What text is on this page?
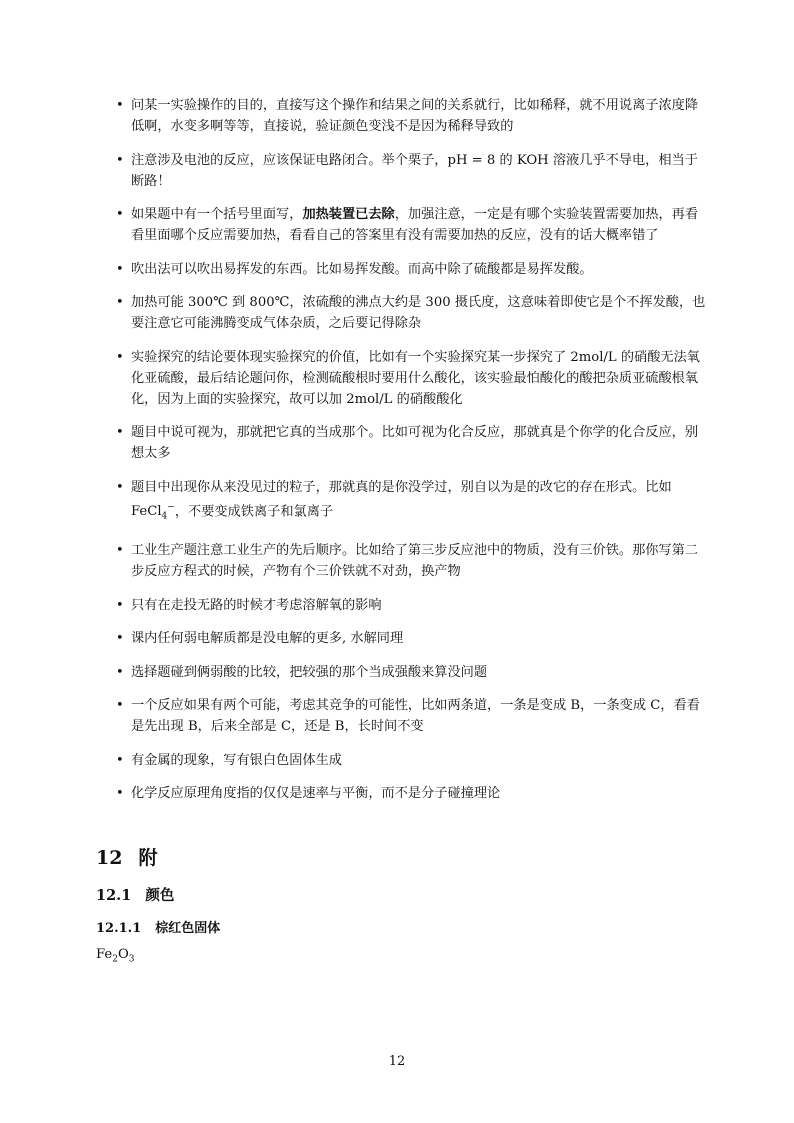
• 问某一实验操作的目的，直接写这个操作和结果之间的关系就行，比如稀释，就不用说离子浓度降低啊，水变多啊等等，直接说，验证颜色变浅不是因为稀释导致的
• 注意涉及电池的反应，应该保证电路闭合。举个栗子，pH = 8 的 KOH 溶液几乎不导电，相当于断路！
• 如果题中有一个括号里面写，加热装置已去除，加强注意，一定是有哪个实验装置需要加热，再看看里面哪个反应需要加热，看看自己的答案里有没有需要加热的反应，没有的话大概率错了
• 吹出法可以吹出易挥发的东西。比如易挥发酸。而高中除了硫酸都是易挥发酸。
• 加热可能 300℃ 到 800℃，浓硫酸的沸点大约是 300 摄氏度，这意味着即使它是个不挥发酸，也要注意它可能沸腾变成气体杂质，之后要记得除杂
• 实验探究的结论要体现实验探究的价值，比如有一个实验探究某一步探究了 2mol/L 的硝酸无法氧化亚硫酸，最后结论题问你，检测硫酸根时要用什么酸化，该实验最怕酸化的酸把杂质亚硫酸根氧化，因为上面的实验探究，故可以加 2mol/L 的硝酸酸化
• 题目中说可视为，那就把它真的当成那个。比如可视为化合反应，那就真是个你学的化合反应，别想太多
• 题目中出现你从来没见过的粒子，那就真的是你没学过，别自以为是的改它的存在形式。比如 FeCl$_4$−，不要变成铁离子和氯离子
• 工业生产题注意工业生产的先后顺序。比如给了第三步反应池中的物质，没有三价铁。那你写第二步反应方程式的时候，产物有个三价铁就不对劲，换产物
• 只有在走投无路的时候才考虑溶解氧的影响
• 课内任何弱电解质都是没电解的更多, 水解同理
• 选择题碰到俩弱酸的比较，把较强的那个当成强酸来算没问题
• 一个反应如果有两个可能，考虑其竞争的可能性，比如两条道，一条是变成 B，一条变成 C，看看是先出现 B，后来全部是 C，还是 B，长时间不变
• 有金属的现象，写有银白色固体生成
• 化学反应原理角度指的仅仅是速率与平衡，而不是分子碰撞理论
12 附
12.1 颜色
12.1.1 棕红色固体

$Fe_2O_3$

12
